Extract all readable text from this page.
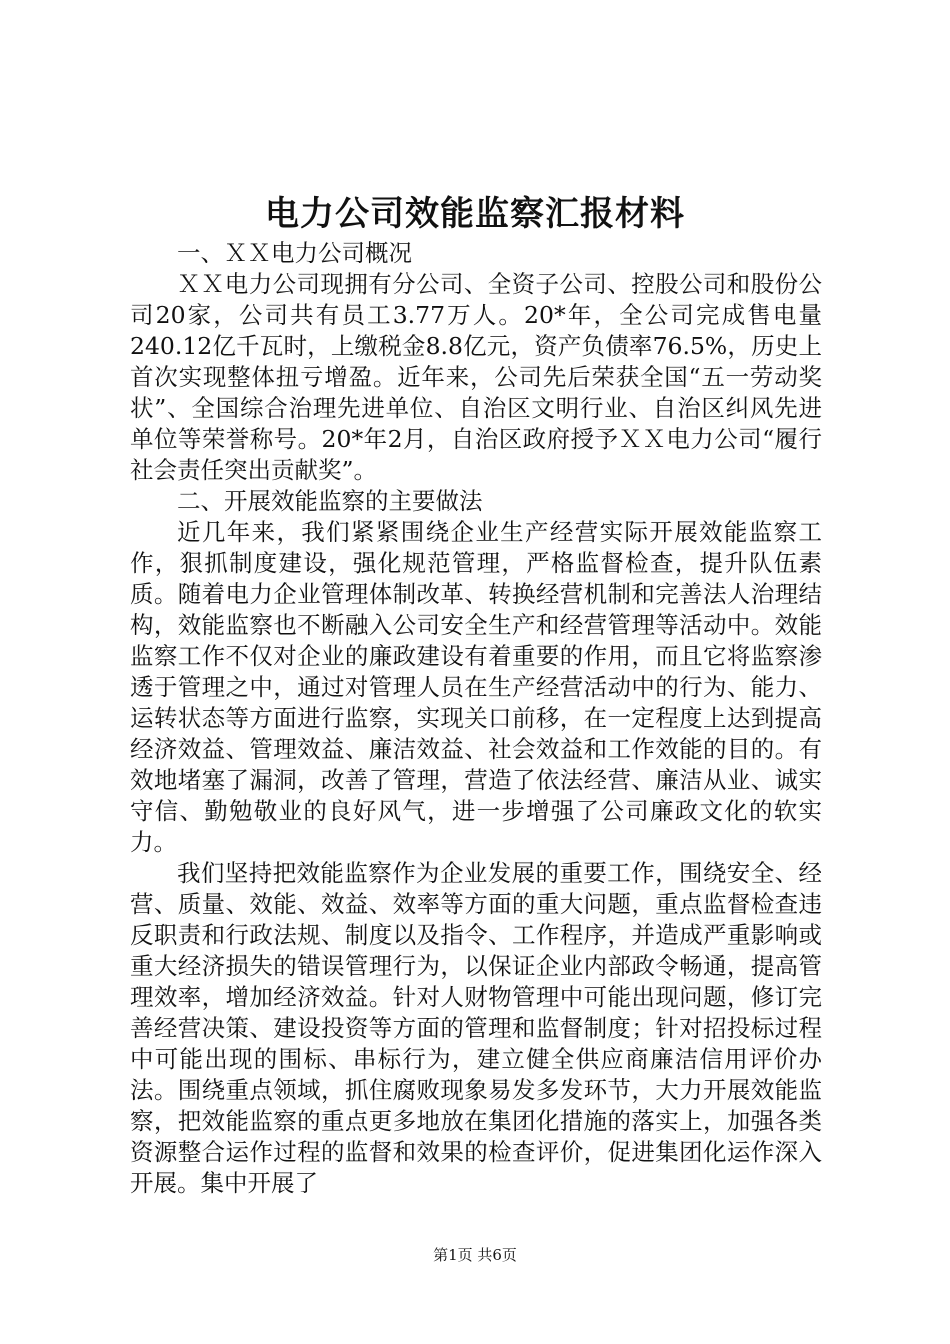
电力公司效能监察汇报材料

一、ＸＸ电力公司概况

ＸＸ电力公司现拥有分公司、全资子公司、控股公司和股份公司20家，公司共有员工3.77万人。20*年，全公司完成售电量240.12亿千瓦时，上缴税金8.8亿元，资产负债率76.5%，历史上首次实现整体扭亏增盈。近年来，公司先后荣获全国“五一劳动奖状”、全国综合治理先进单位、自治区文明行业、自治区纠风先进单位等荣誉称号。20*年2月，自治区政府授予ＸＸ电力公司“履行社会责任突出贡献奖”。

二、开展效能监察的主要做法

近几年来，我们紧紧围绕企业生产经营实际开展效能监察工作，狠抓制度建设，强化规范管理，严格监督检查，提升队伍素质。随着电力企业管理体制改革、转换经营机制和完善法人治理结构，效能监察也不断融入公司安全生产和经营管理等活动中。效能监察工作不仅对企业的廉政建设有着重要的作用，而且它将监察渗透于管理之中，通过对管理人员在生产经营活动中的行为、能力、运转状态等方面进行监察，实现关口前移，在一定程度上达到提高经济效益、管理效益、廉洁效益、社会效益和工作效能的目的。有效地堵塞了漏洞，改善了管理，营造了依法经营、廉洁从业、诚实守信、勤勉敬业的良好风气，进一步增强了公司廉政文化的软实力。

我们坚持把效能监察作为企业发展的重要工作，围绕安全、经营、质量、效能、效益、效率等方面的重大问题，重点监督检查违反职责和行政法规、制度以及指令、工作程序，并造成严重影响或重大经济损失的错误管理行为，以保证企业内部政令畅通，提高管理效率，增加经济效益。针对人财物管理中可能出现问题，修订完善经营决策、建设投资等方面的管理和监督制度；针对招投标过程中可能出现的围标、串标行为，建立健全供应商廉洁信用评价办法。围绕重点领域，抓住腐败现象易发多发环节，大力开展效能监察，把效能监察的重点更多地放在集团化措施的落实上，加强各类资源整合运作过程的监督和效果的检查评价，促进集团化运作深入开展。集中开展了

第1页 共6页
